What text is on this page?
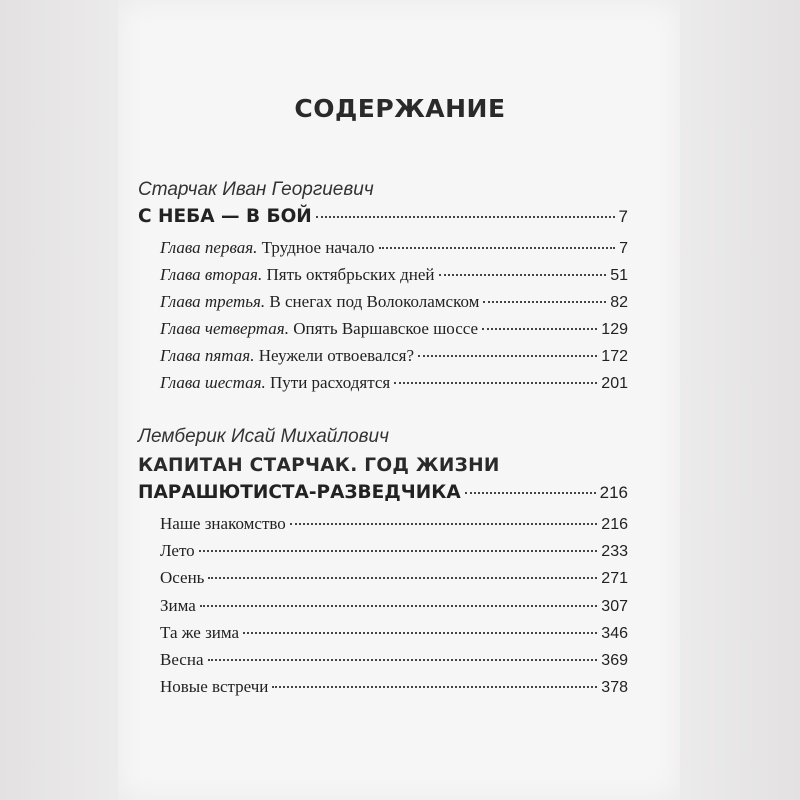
СОДЕРЖАНИЕ
Старчак Иван Георгиевич
С НЕБА — В БОЙ	7
Глава первая. Трудное начало	7
Глава вторая. Пять октябрьских дней	51
Глава третья. В снегах под Волоколамском	82
Глава четвертая. Опять Варшавское шоссе	129
Глава пятая. Неужели отвоевался?	172
Глава шестая. Пути расходятся	201
Лемберик Исай Михайлович
КАПИТАН СТАРЧАК. ГОД ЖИЗНИ
ПАРАШЮТИСТА-РАЗВЕДЧИКА	216
Наше знакомство	216
Лето	233
Осень	271
Зима	307
Та же зима	346
Весна	369
Новые встречи	378
